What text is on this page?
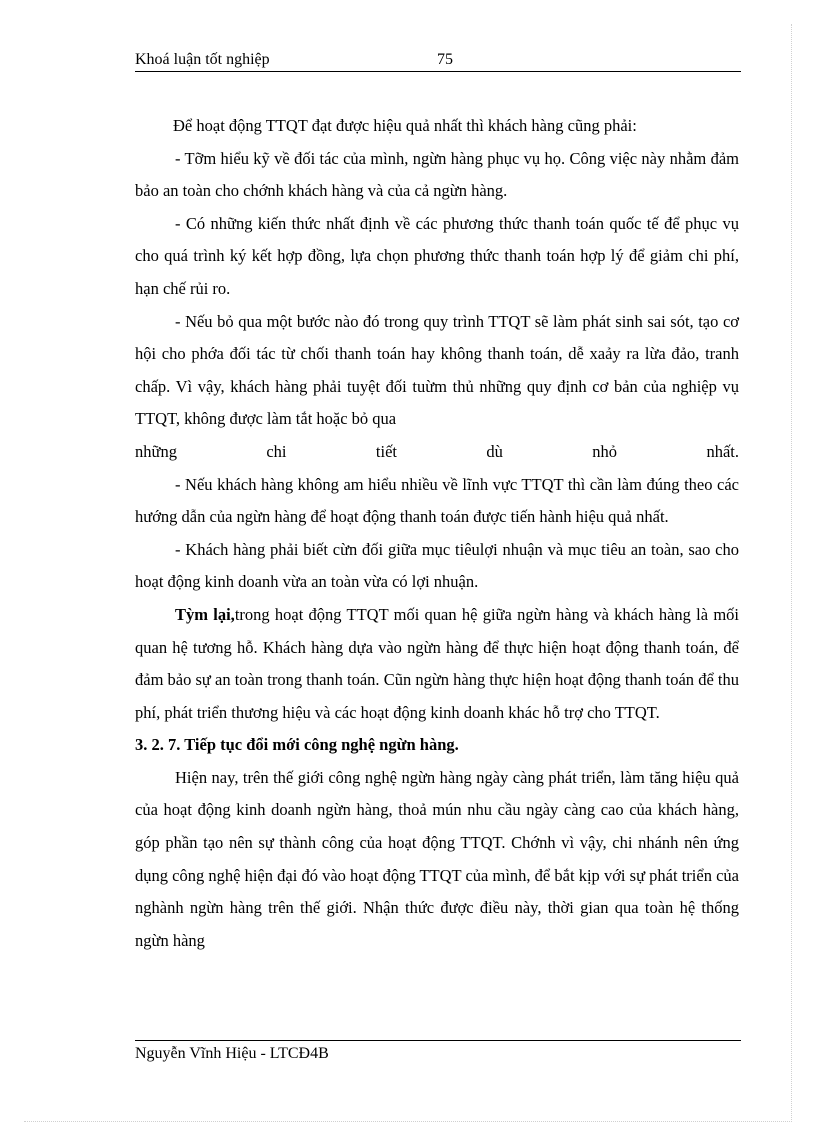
Khoá luận tốt nghiệp	75

Để hoạt động TTQT đạt được hiệu quả nhất thì khách hàng cũng phải:

- Tỡm hiểu kỹ về đối tác của mình, ngừn hàng phục vụ họ. Công việc này nhằm đảm bảo an toàn cho chớnh khách hàng và của cả ngừn hàng.

- Có những kiến thức nhất định về các phương thức thanh toán quốc tế để phục vụ cho quá trình ký kết hợp đồng, lựa chọn phương thức thanh toán hợp lý để giảm chi phí, hạn chế rủi ro.

- Nếu bỏ qua một bước nào đó trong quy trình TTQT sẽ làm phát sinh sai sót, tạo cơ hội cho phớa đối tác từ chối thanh toán hay không thanh toán, dễ xaảy ra lừa đảo, tranh chấp. Vì vậy, khách hàng phải tuyệt đối tuừm thủ những quy định cơ bản của nghiệp vụ TTQT, không được làm tắt hoặc bỏ qua

những chi tiết dù nhỏ nhất.

- Nếu khách hàng không am hiểu nhiều về lĩnh vực TTQT thì cần làm đúng theo các hướng dẫn của ngừn hàng để hoạt động thanh toán được tiến hành hiệu quả nhất.

- Khách hàng phải biết cừn đối giữa mục tiêulợi nhuận và mục tiêu an toàn, sao cho hoạt động kinh doanh vừa an toàn vừa có lợi nhuận.

Tỳm lại,trong hoạt động TTQT mối quan hệ giữa ngừn hàng và khách hàng là mối quan hệ tương hỗ. Khách hàng dựa vào ngừn hàng để thực hiện hoạt động thanh toán, để đảm bảo sự an toàn trong thanh toán. Cũn ngừn hàng thực hiện hoạt động thanh toán để thu phí, phát triển thương hiệu và các hoạt động kinh doanh khác hỗ trợ cho TTQT.

3. 2. 7. Tiếp tục đổi mới công nghệ ngừn hàng.

Hiện nay, trên thế giới công nghệ ngừn hàng ngày càng phát triển, làm tăng hiệu quả của hoạt động kinh doanh ngừn hàng, thoả mún nhu cầu ngày càng cao của khách hàng, góp phần tạo nên sự thành công của hoạt động TTQT. Chớnh vì vậy, chi nhánh nên ứng dụng công nghệ hiện đại đó vào hoạt động TTQT của mình, để bắt kịp với sự phát triển của nghành ngừn hàng trên thế giới. Nhận thức được điều này, thời gian qua toàn hệ thống ngừn hàng

Nguyễn Vĩnh Hiệu - LTCĐ4B
